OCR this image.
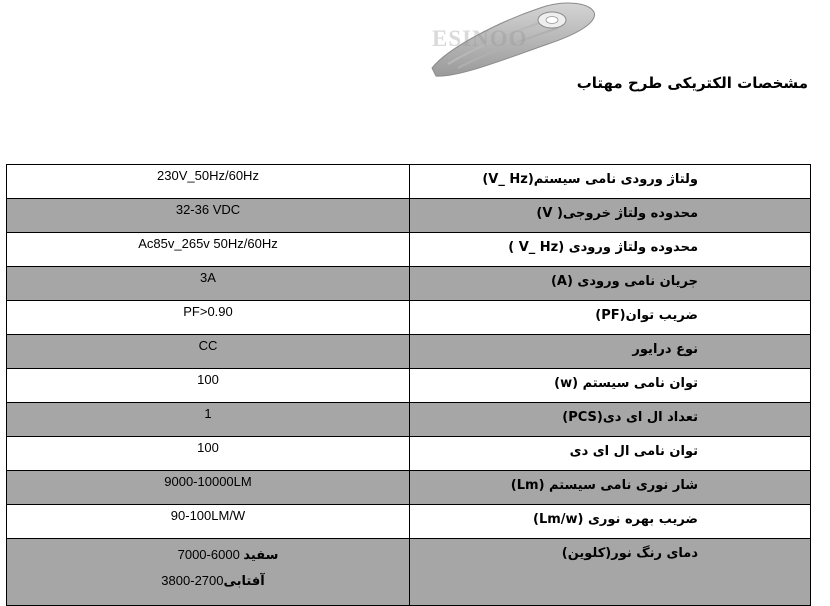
ESINOO
مشخصات الکتریکی طرح مهتاب
230V_50Hz/60Hz	ولتاژ ورودی نامی سیستم(V_ Hz)
32-36 VDC	محدوده ولتاژ خروجی( V)
Ac85v_265v 50Hz/60Hz	محدوده ولتاژ ورودی (V_ Hz )
3A	جریان نامی ورودی (A)
PF>0.90	ضریب توان(PF)
CC	نوع درایور
100	توان نامی سیستم (w)
1	تعداد ال ای دی(PCS)
100	توان نامی ال ای دی
9000-10000LM	شار نوری نامی سیستم (Lm)
90-100LM/W	ضریب بهره نوری (Lm/w)

سفید 6000-7000
آفتابی2700-3800	دمای رنگ نور(کلوین)
